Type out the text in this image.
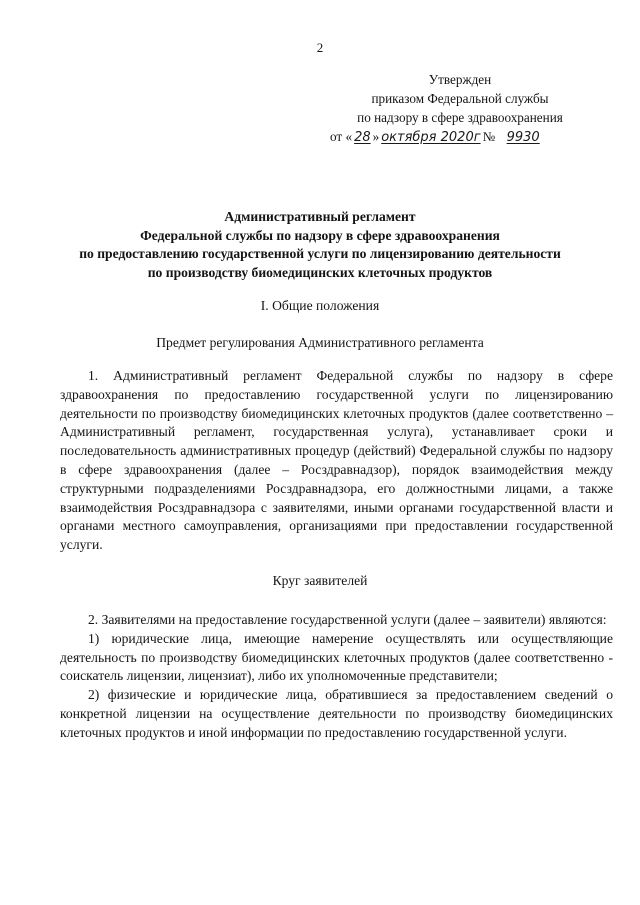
2
Утвержден
приказом Федеральной службы
по надзору в сфере здравоохранения
от « 28 » октября 2020г № 9930
Административный регламент
Федеральной службы по надзору в сфере здравоохранения
по предоставлению государственной услуги по лицензированию деятельности
по производству биомедицинских клеточных продуктов
I. Общие положения
Предмет регулирования Административного регламента

1. Административный регламент Федеральной службы по надзору в сфере здравоохранения по предоставлению государственной услуги по лицензированию деятельности по производству биомедицинских клеточных продуктов (далее соответственно – Административный регламент, государственная услуга), устанавливает сроки и последовательность административных процедур (действий) Федеральной службы по надзору в сфере здравоохранения (далее – Росздравнадзор), порядок взаимодействия между структурными подразделениями Росздравнадзора, его должностными лицами, а также взаимодействия Росздравнадзора с заявителями, иными органами государственной власти и органами местного самоуправления, организациями при предоставлении государственной услуги.

Круг заявителей

2. Заявителями на предоставление государственной услуги (далее – заявители) являются:

1) юридические лица, имеющие намерение осуществлять или осуществляющие деятельность по производству биомедицинских клеточных продуктов (далее соответственно - соискатель лицензии, лицензиат), либо их уполномоченные представители;

2) физические и юридические лица, обратившиеся за предоставлением сведений о конкретной лицензии на осуществление деятельности по производству биомедицинских клеточных продуктов и иной информации по предоставлению государственной услуги.
